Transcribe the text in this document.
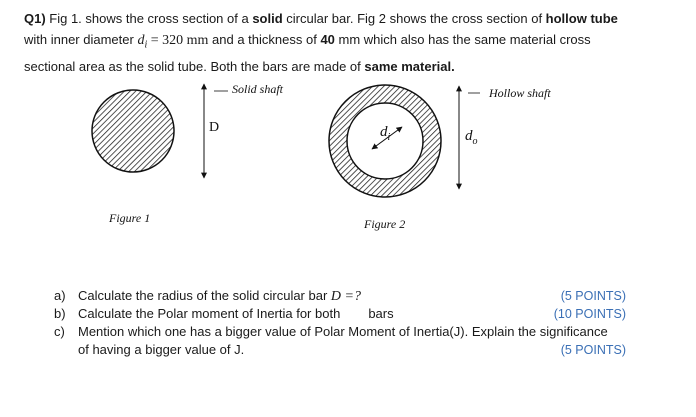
Q1) Fig 1. shows the cross section of a solid circular bar. Fig 2 shows the cross section of hollow tube
with inner diameter $d_i = 320$ mm and a thickness of 40 mm which also has the same material cross
sectional area as the solid tube. Both the bars are made of same material.
Solid shaft	Hollow shaft
D	$d_i$	$d_o$
Figure 1	Figure 2
a) Calculate the radius of the solid circular bar D =?	(5 POINTS)
b) Calculate the Polar moment of Inertia for both bars	(10 POINTS)
c)	Mention which one has a bigger value of Polar Moment of Inertia(J). Explain the significance
of having a bigger value of J.	(5 POINTS)
